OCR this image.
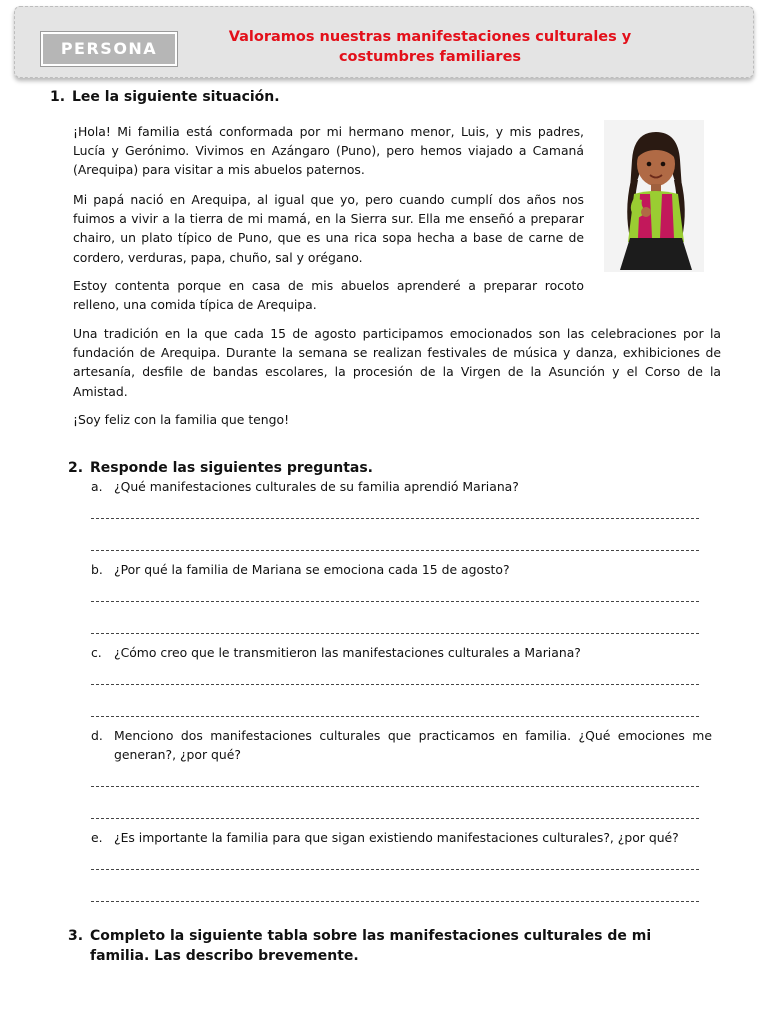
PERSONA
Valoramos nuestras manifestaciones culturales y
costumbres familiares
1. Lee la siguiente situación.

¡Hola! Mi familia está conformada por mi hermano menor, Luis, y mis padres, Lucía y Gerónimo. Vivimos en Azángaro (Puno), pero hemos viajado a Camaná (Arequipa) para visitar a mis abuelos paternos.

Mi papá nació en Arequipa, al igual que yo, pero cuando cumplí dos años nos fuimos a vivir a la tierra de mi mamá, en la Sierra sur. Ella me enseñó a preparar chairo, un plato típico de Puno, que es una rica sopa hecha a base de carne de cordero, verduras, papa, chuño, sal y orégano.

Estoy contenta porque en casa de mis abuelos aprenderé a preparar rocoto relleno, una comida típica de Arequipa.

Una tradición en la que cada 15 de agosto participamos emocionados son las celebraciones por la fundación de Arequipa. Durante la semana se realizan festivales de música y danza, exhibiciones de artesanía, desfile de bandas escolares, la procesión de la Virgen de la Asunción y el Corso de la Amistad.

¡Soy feliz con la familia que tengo!

2. Responde las siguientes preguntas.
a. ¿Qué manifestaciones culturales de su familia aprendió Mariana?
b. ¿Por qué la familia de Mariana se emociona cada 15 de agosto?
c. ¿Cómo creo que le transmitieron las manifestaciones culturales a Mariana?
d. Menciono dos manifestaciones culturales que practicamos en familia. ¿Qué emociones me generan?, ¿por qué?
e. ¿Es importante la familia para que sigan existiendo manifestaciones culturales?, ¿por qué?
3. Completo la siguiente tabla sobre las manifestaciones culturales de mi familia. Las describo brevemente.
